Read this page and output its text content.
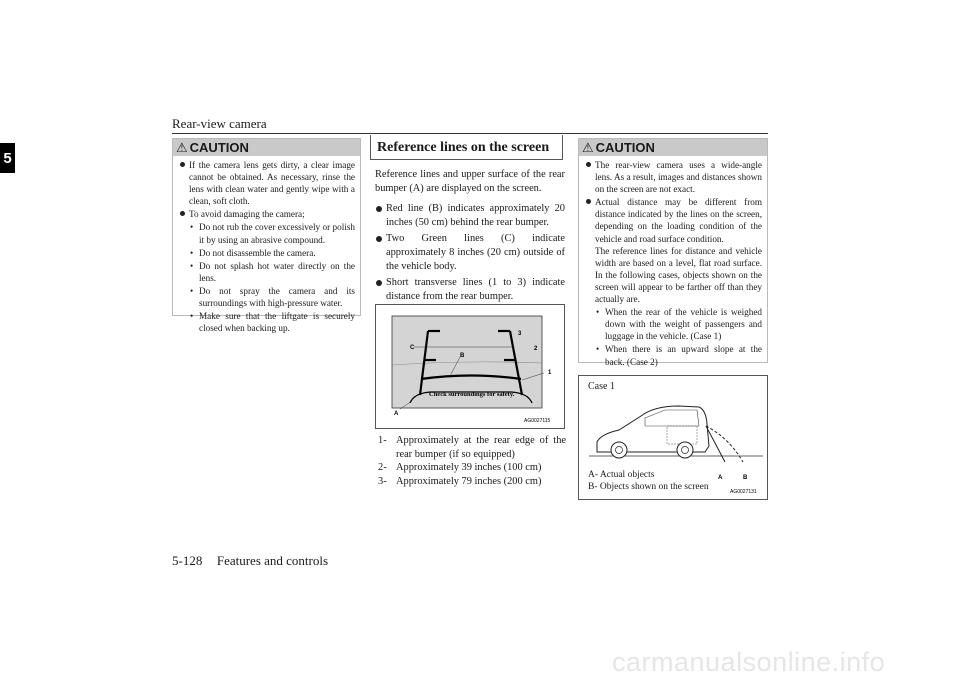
Rear-view camera
5
⚠ CAUTION
If the camera lens gets dirty, a clear image cannot be obtained. As necessary, rinse the lens with clean water and gently wipe with a clean, soft cloth.
To avoid damaging the camera;
• Do not rub the cover excessively or polish it by using an abrasive compound.
• Do not disassemble the camera.
• Do not splash hot water directly on the lens.
• Do not spray the camera and its surroundings with high-pressure water.
• Make sure that the liftgate is securely closed when backing up.
Reference lines on the screen
Reference lines and upper surface of the rear bumper (A) are displayed on the screen.
Red line (B) indicates approximately 20 inches (50 cm) behind the rear bumper.
Two Green lines (C) indicate approximately 8 inches (20 cm) outside of the vehicle body.
Short transverse lines (1 to 3) indicate distance from the rear bumper.
C
B
3
2
1
A
Check surroundings for safety.
AG0027115
1- Approximately at the rear edge of the rear bumper (if so equipped)
2- Approximately 39 inches (100 cm)
3- Approximately 79 inches (200 cm)
⚠ CAUTION
The rear-view camera uses a wide-angle lens. As a result, images and distances shown on the screen are not exact.
Actual distance may be different from distance indicated by the lines on the screen, depending on the loading condition of the vehicle and road surface condition.
The reference lines for distance and vehicle width are based on a level, flat road surface. In the following cases, objects shown on the screen will appear to be farther off than they actually are.
• When the rear of the vehicle is weighed down with the weight of passengers and luggage in the vehicle. (Case 1)
• When there is an upward slope at the back. (Case 2)
Case 1
A	B
AG0027131
A- Actual objects
B- Objects shown on the screen
5-128 Features and controls
carmanualsonline.info
